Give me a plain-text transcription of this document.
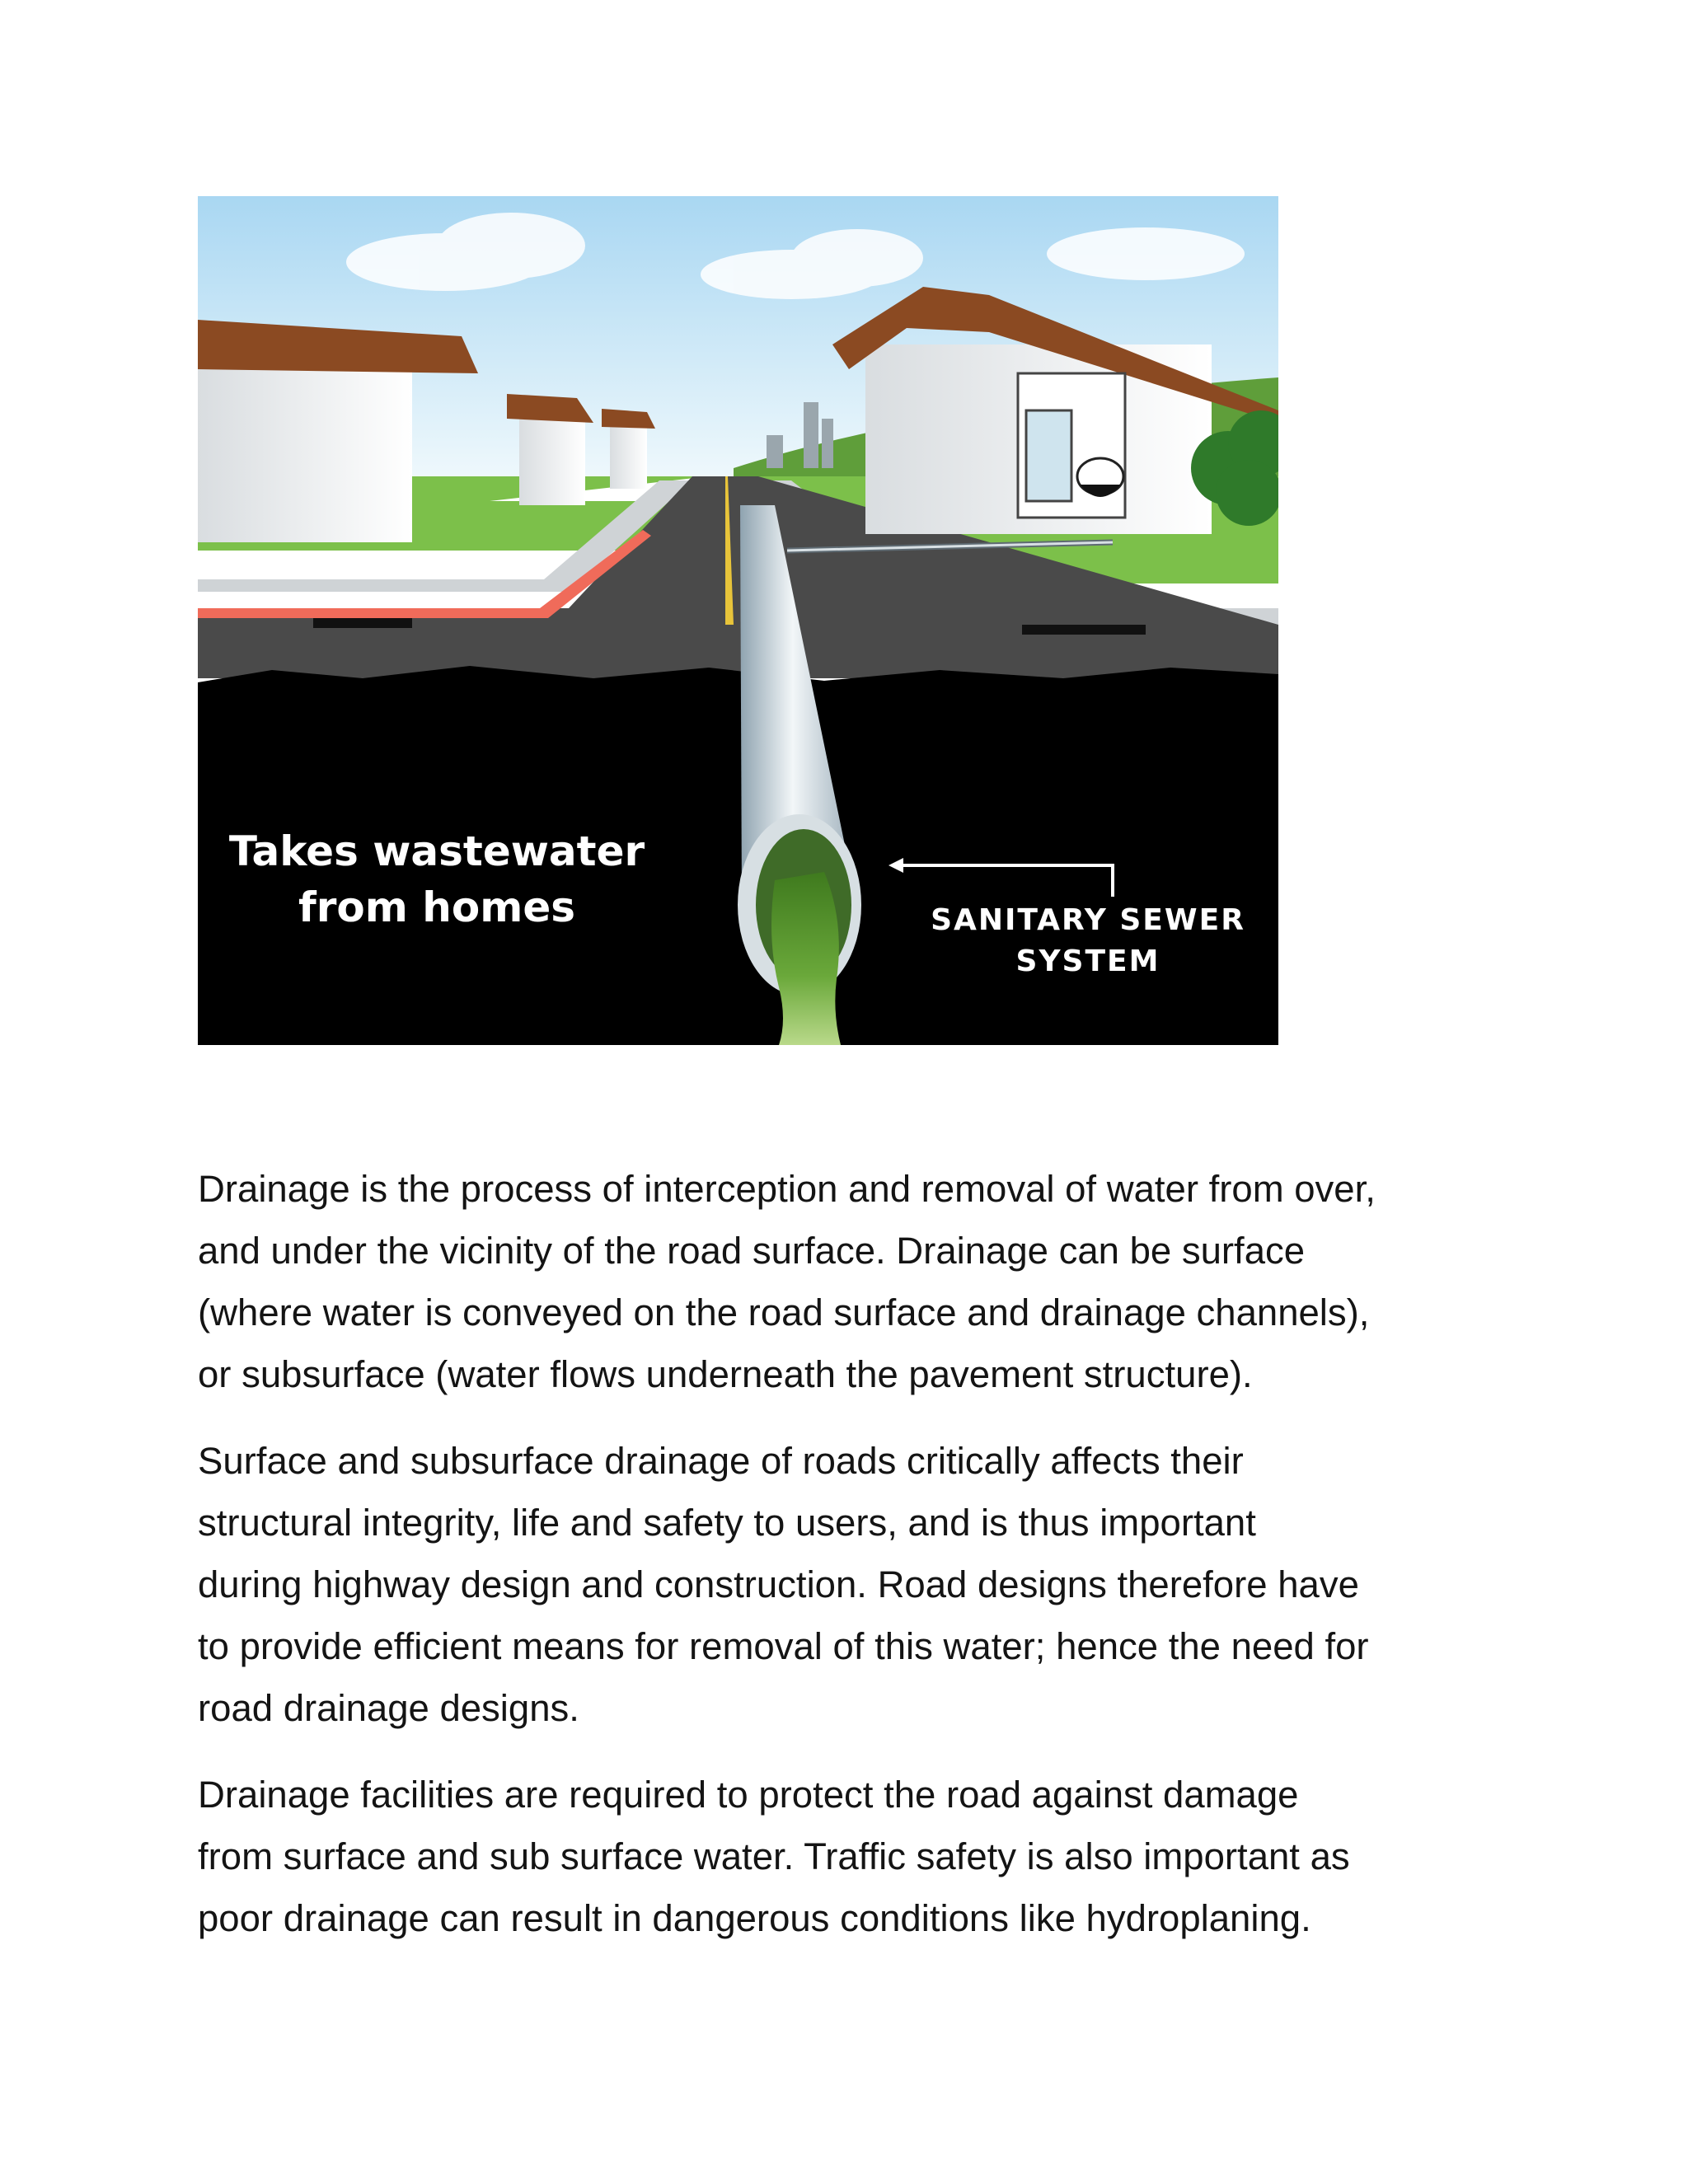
Takes wastewater
from homes	SANITARY SEWER
SYSTEM

Drainage is the process of interception and removal of water from over,
and under the vicinity of the road surface. Drainage can be surface
(where water is conveyed on the road surface and drainage channels),
or subsurface (water flows underneath the pavement structure).

Surface and subsurface drainage of roads critically affects their
structural integrity, life and safety to users, and is thus important
during highway design and construction. Road designs therefore have
to provide efficient means for removal of this water; hence the need for
road drainage designs.

Drainage facilities are required to protect the road against damage
from surface and sub surface water. Traffic safety is also important as
poor drainage can result in dangerous conditions like hydroplaning.
